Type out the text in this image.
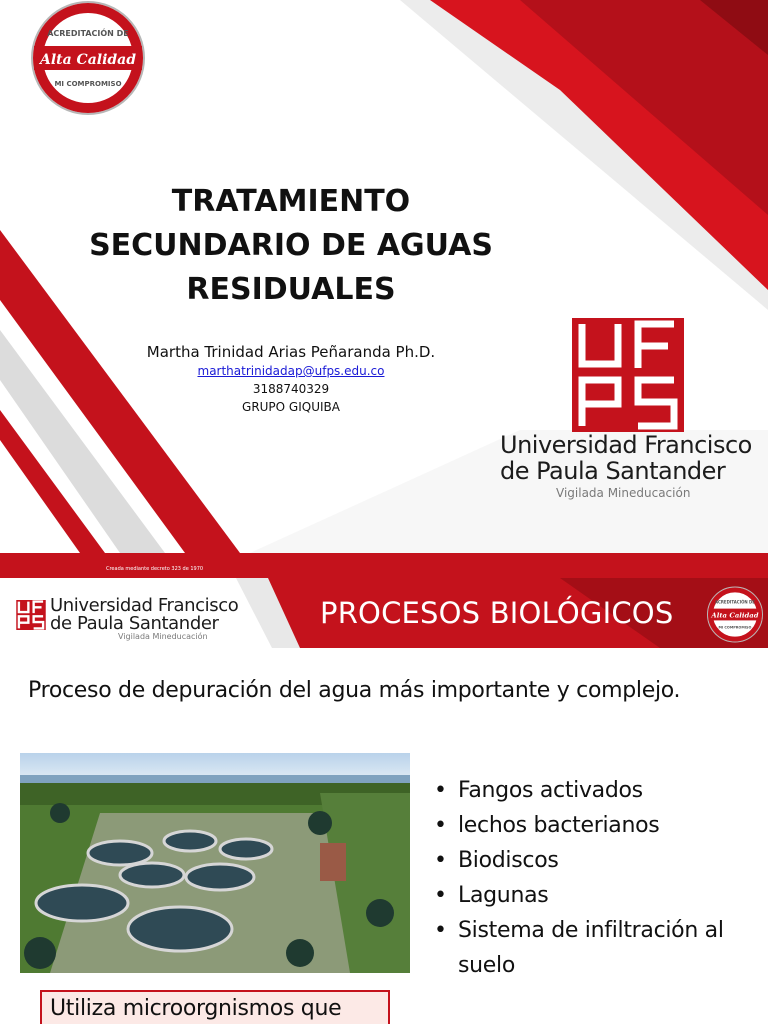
ACREDITACIÓN DE
Alta Calidad
MI COMPROMISO
TRATAMIENTO
SECUNDARIO DE AGUAS
RESIDUALES
Martha Trinidad Arias Peñaranda Ph.D.
marthatrinidadap@ufps.edu.co
3188740329
GRUPO GIQUIBA
Universidad Francisco
de Paula Santander
Vigilada Mineducación
Creada mediante decreto 323 de 1970
Universidad Francisco
de Paula Santander
Vigilada Mineducación
PROCESOS BIOLÓGICOS	ACREDITACIÓN DE
Alta Calidad
MI COMPROMISO
Proceso de depuración del agua más importante y complejo.
• Fangos activados
• lechos bacterianos
• Biodiscos
• Lagunas
• Sistema de infiltración al suelo
Utiliza microorgnismos que
